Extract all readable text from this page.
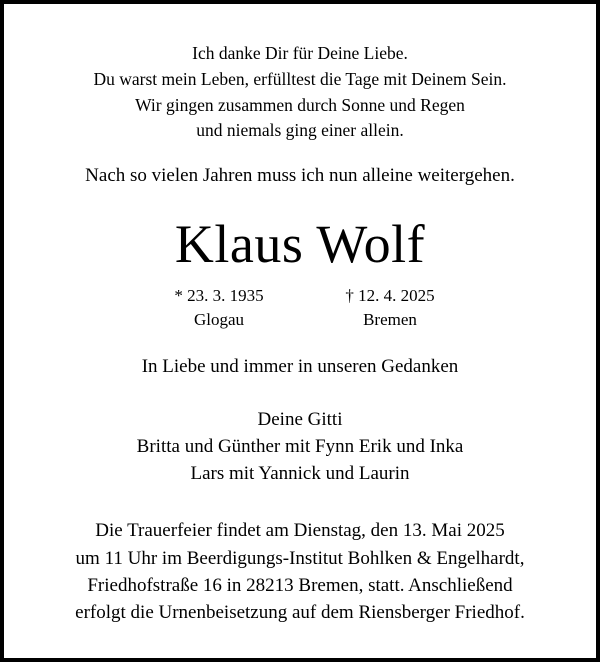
Ich danke Dir für Deine Liebe.
Du warst mein Leben, erfülltest die Tage mit Deinem Sein.
Wir gingen zusammen durch Sonne und Regen
und niemals ging einer allein.
Nach so vielen Jahren muss ich nun alleine weitergehen.
Klaus Wolf
* 23. 3. 1935
Glogau
† 12. 4. 2025
Bremen
In Liebe und immer in unseren Gedanken
Deine Gitti
Britta und Günther mit Fynn Erik und Inka
Lars mit Yannick und Laurin
Die Trauerfeier findet am Dienstag, den 13. Mai 2025
um 11 Uhr im Beerdigungs-Institut Bohlken & Engelhardt,
Friedhofstraße 16 in 28213 Bremen, statt. Anschließend
erfolgt die Urnenbeisetzung auf dem Riensberger Friedhof.
